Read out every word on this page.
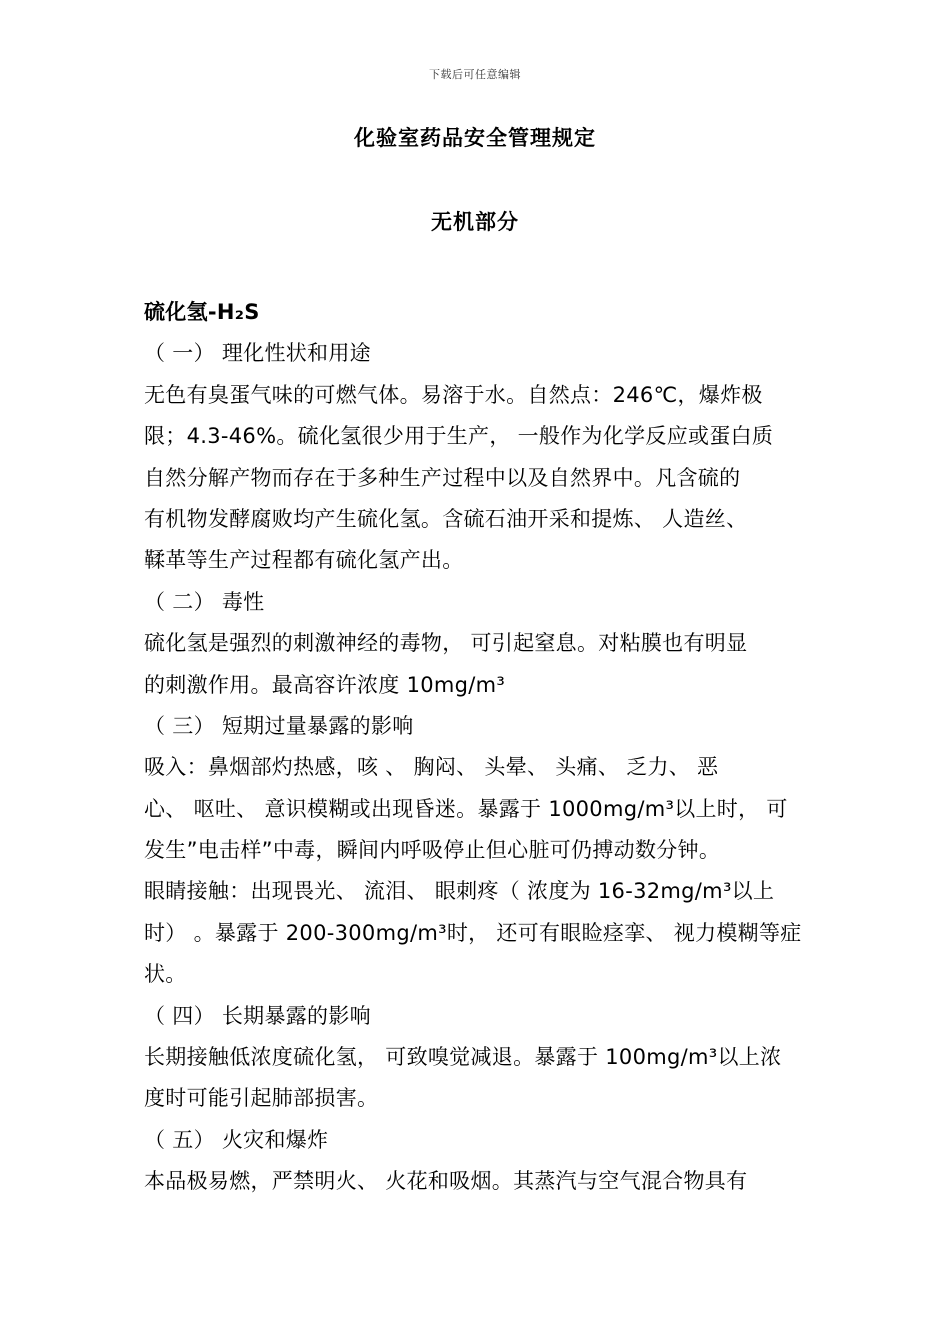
下载后可任意编辑
化验室药品安全管理规定
无机部分
硫化氢-H₂S
（ 一） 理化性状和用途
无色有臭蛋气味的可燃气体。易溶于水。自然点：246℃，爆炸极
限；4.3-46%。硫化氢很少用于生产， 一般作为化学反应或蛋白质
自然分解产物而存在于多种生产过程中以及自然界中。凡含硫的
有机物发酵腐败均产生硫化氢。含硫石油开采和提炼、 人造丝、
鞣革等生产过程都有硫化氢产出。
（ 二） 毒性
硫化氢是强烈的刺激神经的毒物， 可引起窒息。对粘膜也有明显
的刺激作用。最高容许浓度 10mg/m³
（ 三） 短期过量暴露的影响
吸入：鼻烟部灼热感，咳 、 胸闷、 头晕、 头痛、 乏力、 恶
心、 呕吐、 意识模糊或出现昏迷。暴露于 1000mg/m³以上时， 可
发生”电击样”中毒，瞬间内呼吸停止但心脏可仍搏动数分钟。
眼睛接触：出现畏光、 流泪、 眼刺疼（ 浓度为 16-32mg/m³以上
时） 。暴露于 200-300mg/m³时， 还可有眼睑痉挛、 视力模糊等症
状。
（ 四） 长期暴露的影响
长期接触低浓度硫化氢， 可致嗅觉减退。暴露于 100mg/m³以上浓
度时可能引起肺部损害。
（ 五） 火灾和爆炸
本品极易燃，严禁明火、 火花和吸烟。其蒸汽与空气混合物具有
